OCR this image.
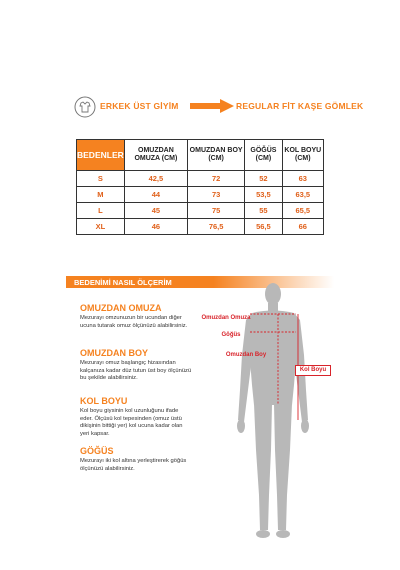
ERKEK ÜST GİYİM	REGULAR FİT KAŞE GÖMLEK
BEDENLER	OMUZDAN OMUZA (CM)	OMUZDAN BOY (CM)	GÖĞÜS (CM)	KOL BOYU (CM)
S	42,5	72	52	63
M	44	73	53,5	63,5
L	45	75	55	65,5
XL	46	76,5	56,5	66
BEDENİMİ NASIL ÖLÇERİM
OMUZDAN OMUZA
Mezurayı omzunuzun bir ucundan diğer ucuna tutarak omuz ölçünüzü alabilirsiniz.
OMUZDAN BOY
Mezurayı omuz başlangıç hizasından kalçanıza kadar düz tutun üst boy ölçünüzü bu şekilde alabilirsiniz.
KOL BOYU
Kol boyu giysinin kol uzunluğunu ifade eder. Ölçüsü kol tepesinden (omuz üstü dikişinin bittiği yer) kol ucuna kadar olan yeri kapsar.
GÖĞÜS
Mezurayı iki kol altına yerleştirerek göğüs ölçünüzü alabilirsiniz.
Omuzdan Omuza
Göğüs
Omuzdan Boy
Kol Boyu
